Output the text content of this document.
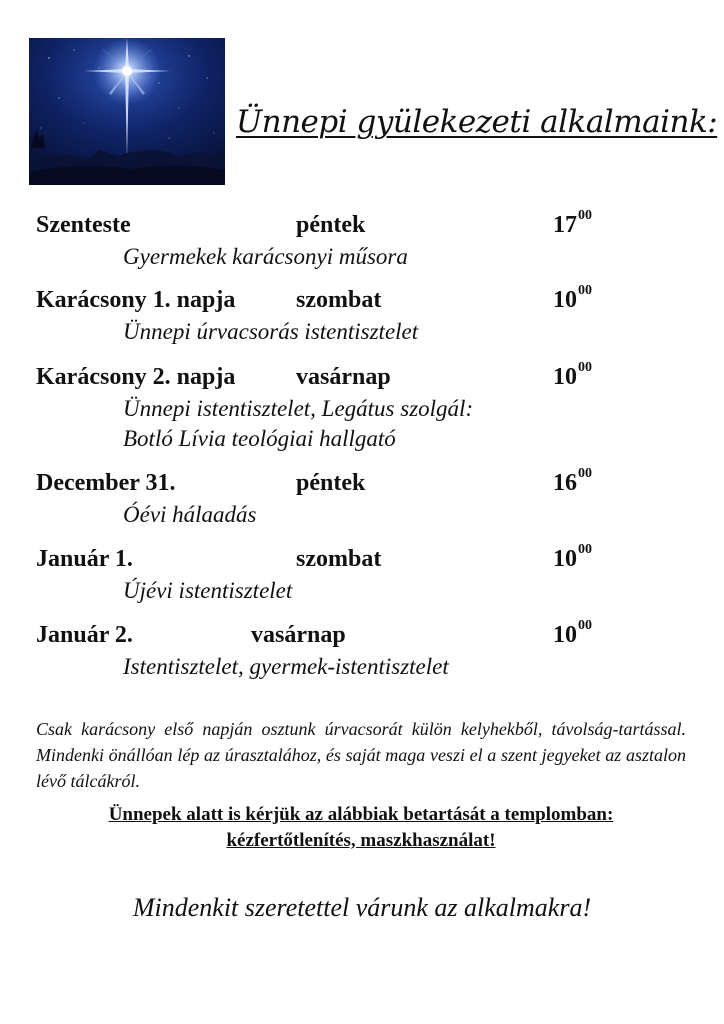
Ünnepi gyülekezeti alkalmaink:
Szenteste	péntek	$17^{00}$
Gyermekek karácsonyi műsora
Karácsony 1. napja	szombat	$10^{00}$
Ünnepi úrvacsorás istentisztelet
Karácsony 2. napja	vasárnap	$10^{00}$
Ünnepi istentisztelet, Legátus szolgál:
Botló Lívia teológiai hallgató
December 31.	péntek	$16^{00}$
Óévi hálaadás
Január 1.	szombat	$10^{00}$
Újévi istentisztelet
Január 2.	vasárnap	$10^{00}$
Istentisztelet, gyermek-istentisztelet
Csak karácsony első napján osztunk úrvacsorát külön kelyhekből, távolság-tartással. Mindenki önállóan lép az úrasztalához, és saját maga veszi el a szent jegyeket az asztalon lévő tálcákról.
Ünnepek alatt is kérjük az alábbiak betartását a templomban:
kézfertőtlenítés, maszkhasználat!
Mindenkit szeretettel várunk az alkalmakra!
